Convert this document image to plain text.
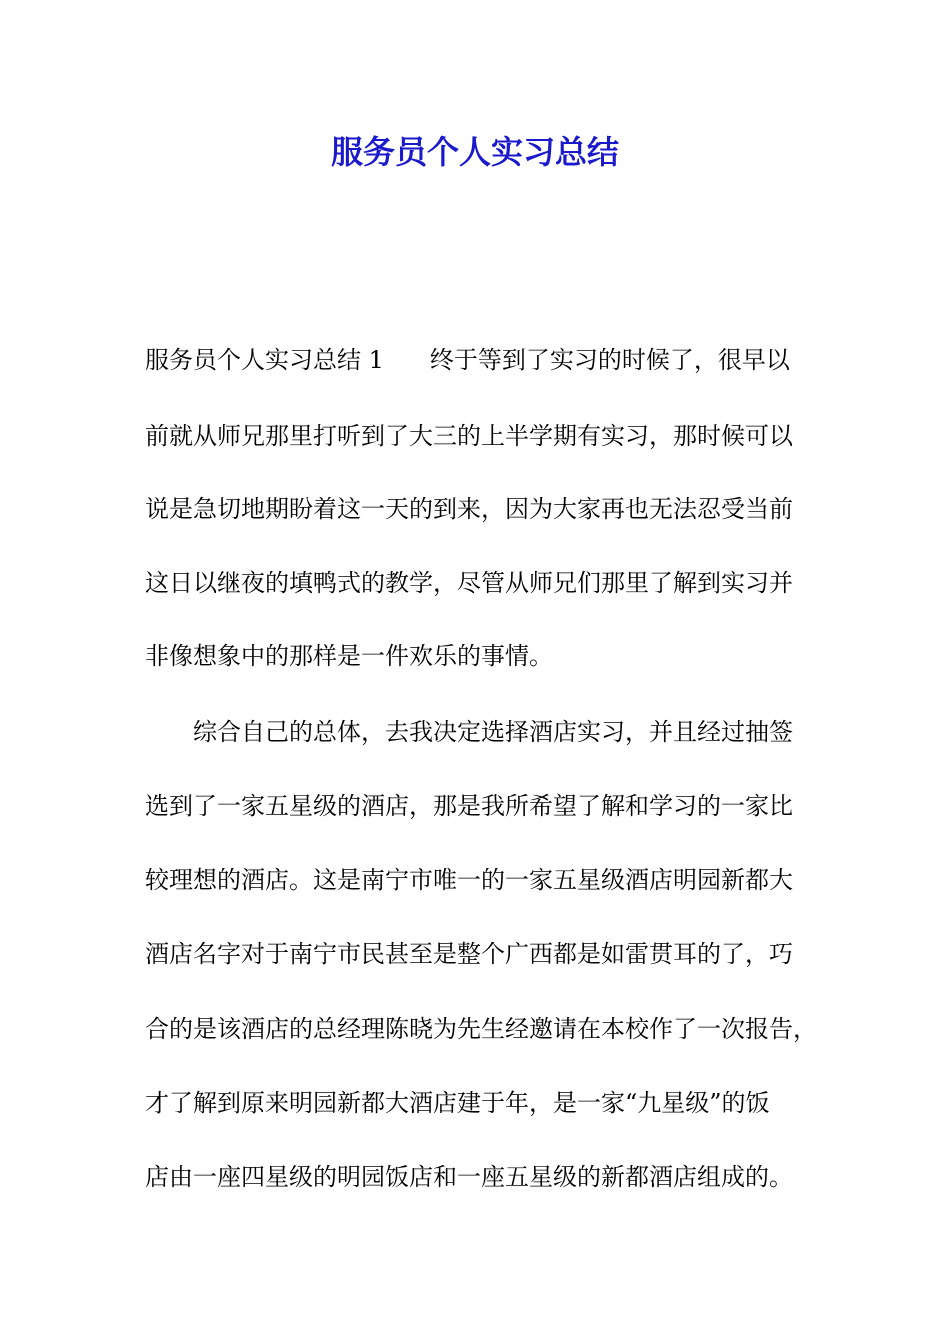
服务员个人实习总结
服务员个人实习总结 1 终于等到了实习的时候了，很早以
前就从师兄那里打听到了大三的上半学期有实习，那时候可以
说是急切地期盼着这一天的到来，因为大家再也无法忍受当前
这日以继夜的填鸭式的教学，尽管从师兄们那里了解到实习并
非像想象中的那样是一件欢乐的事情。
综合自己的总体，去我决定选择酒店实习，并且经过抽签
选到了一家五星级的酒店，那是我所希望了解和学习的一家比
较理想的酒店。这是南宁市唯一的一家五星级酒店明园新都大
酒店名字对于南宁市民甚至是整个广西都是如雷贯耳的了，巧
合的是该酒店的总经理陈晓为先生经邀请在本校作了一次报告，
才了解到原来明园新都大酒店建于年，是一家“九星级”的饭
店由一座四星级的明园饭店和一座五星级的新都酒店组成的。
